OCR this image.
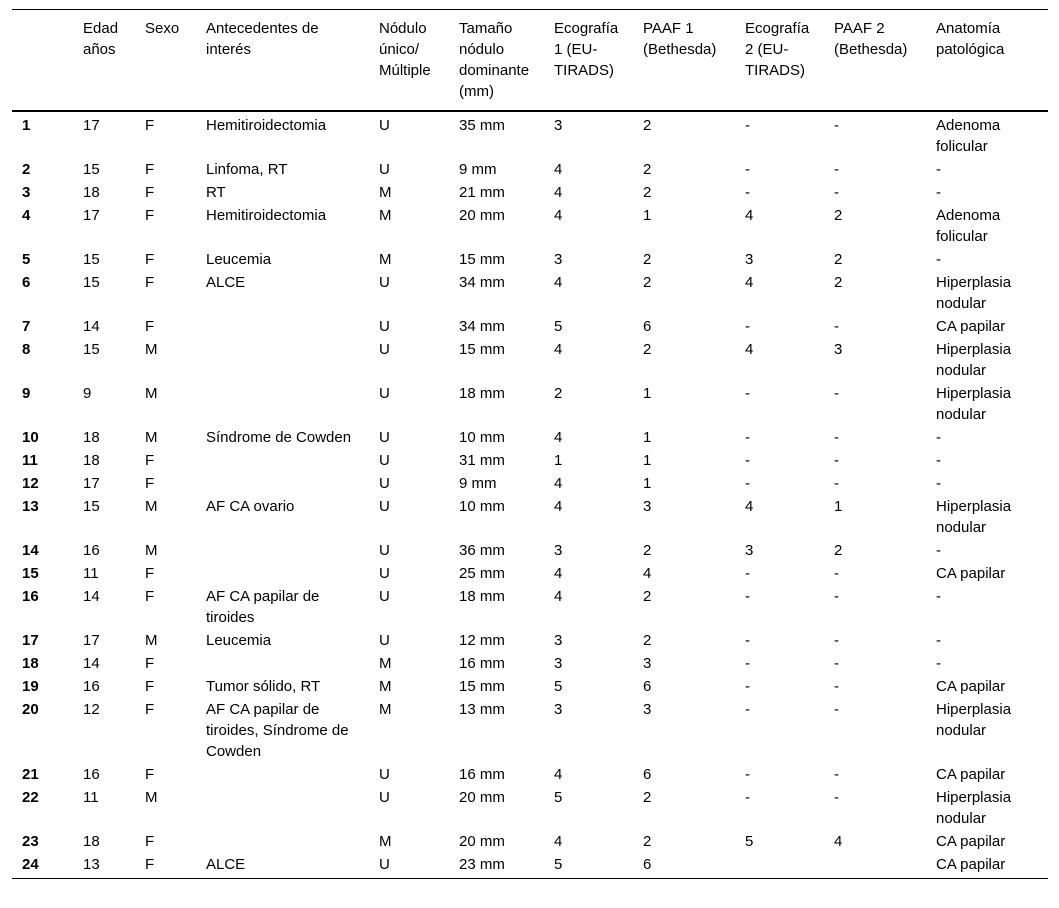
	Edad años	Sexo	Antecedentes de interés	Nódulo único/ Múltiple	Tamaño nódulo dominante (mm)	Ecografía 1 (EU-TIRADS)	PAAF 1 (Bethesda)	Ecografía 2 (EU-TIRADS)	PAAF 2 (Bethesda)	Anatomía patológica
1	17	F	Hemitiroidectomia	U	35 mm	3	2	-	-	Adenoma folicular
2	15	F	Linfoma, RT	U	9 mm	4	2	-	-	-
3	18	F	RT	M	21 mm	4	2	-	-	-
4	17	F	Hemitiroidectomia	M	20 mm	4	1	4	2	Adenoma folicular
5	15	F	Leucemia	M	15 mm	3	2	3	2	-
6	15	F	ALCE	U	34 mm	4	2	4	2	Hiperplasia nodular
7	14	F		U	34 mm	5	6	-	-	CA papilar
8	15	M		U	15 mm	4	2	4	3	Hiperplasia nodular
9	9	M		U	18 mm	2	1	-	-	Hiperplasia nodular
10	18	M	Síndrome de Cowden	U	10 mm	4	1	-	-	-
11	18	F		U	31 mm	1	1	-	-	-
12	17	F		U	9 mm	4	1	-	-	-
13	15	M	AF CA ovario	U	10 mm	4	3	4	1	Hiperplasia nodular
14	16	M		U	36 mm	3	2	3	2	-
15	11	F		U	25 mm	4	4	-	-	CA papilar
16	14	F	AF CA papilar de tiroides	U	18 mm	4	2	-	-	-
17	17	M	Leucemia	U	12 mm	3	2	-	-	-
18	14	F		M	16 mm	3	3	-	-	-
19	16	F	Tumor sólido, RT	M	15 mm	5	6	-	-	CA papilar
20	12	F	AF CA papilar de tiroides, Síndrome de Cowden	M	13 mm	3	3	-	-	Hiperplasia nodular
21	16	F		U	16 mm	4	6	-	-	CA papilar
22	11	M		U	20 mm	5	2	-	-	Hiperplasia nodular
23	18	F		M	20 mm	4	2	5	4	CA papilar
24	13	F	ALCE	U	23 mm	5	6			CA papilar
